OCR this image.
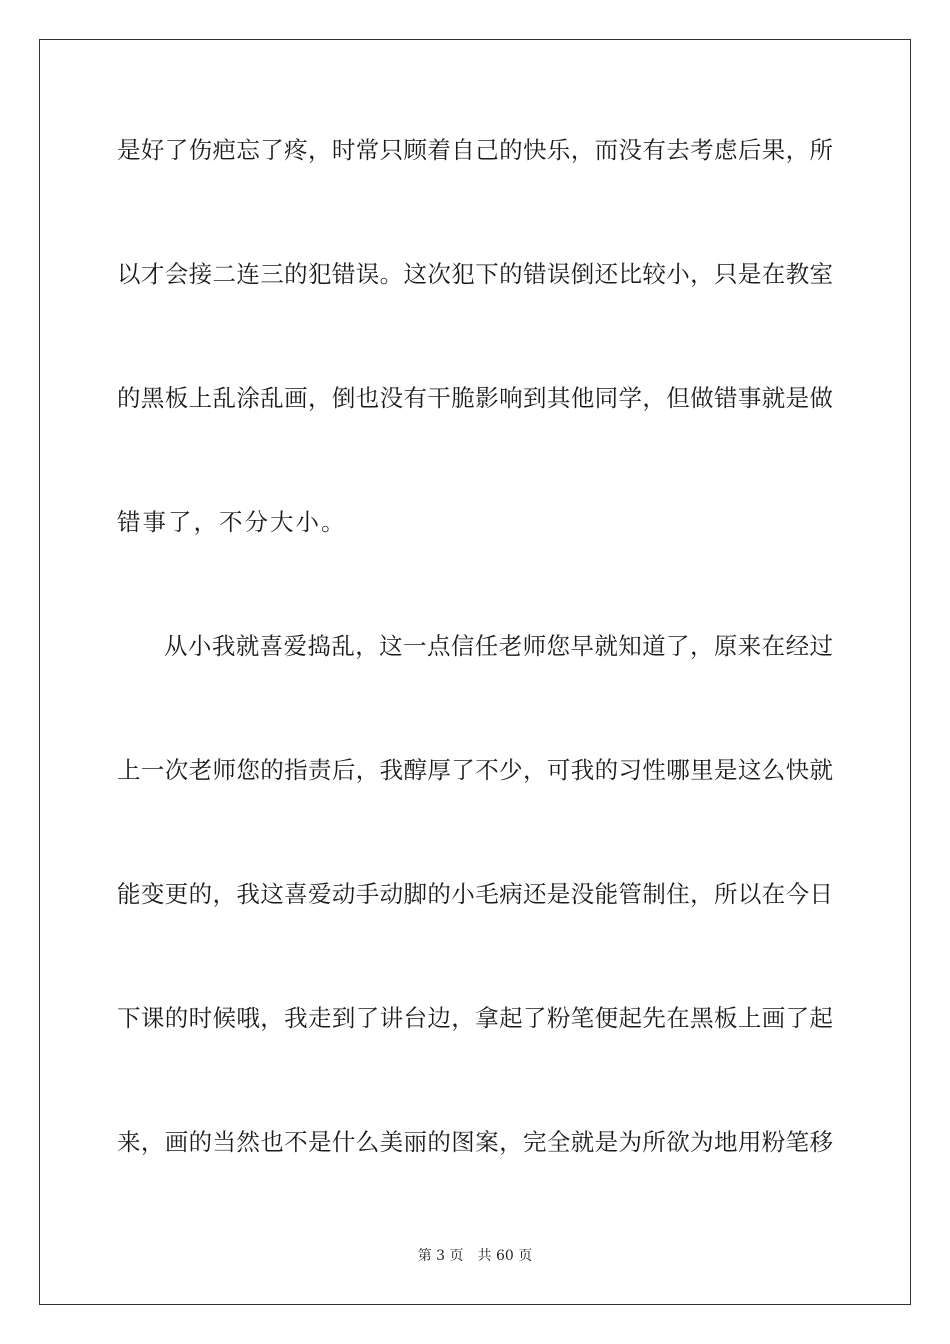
是好了伤疤忘了疼，时常只顾着自己的快乐，而没有去考虑后果，所
以才会接二连三的犯错误。这次犯下的错误倒还比较小，只是在教室
的黑板上乱涂乱画，倒也没有干脆影响到其他同学，但做错事就是做
错事了，不分大小。
从小我就喜爱捣乱，这一点信任老师您早就知道了，原来在经过
上一次老师您的指责后，我醇厚了不少，可我的习性哪里是这么快就
能变更的，我这喜爱动手动脚的小毛病还是没能管制住，所以在今日
下课的时候哦，我走到了讲台边，拿起了粉笔便起先在黑板上画了起
来，画的当然也不是什么美丽的图案，完全就是为所欲为地用粉笔移
第 3 页 共 60 页
